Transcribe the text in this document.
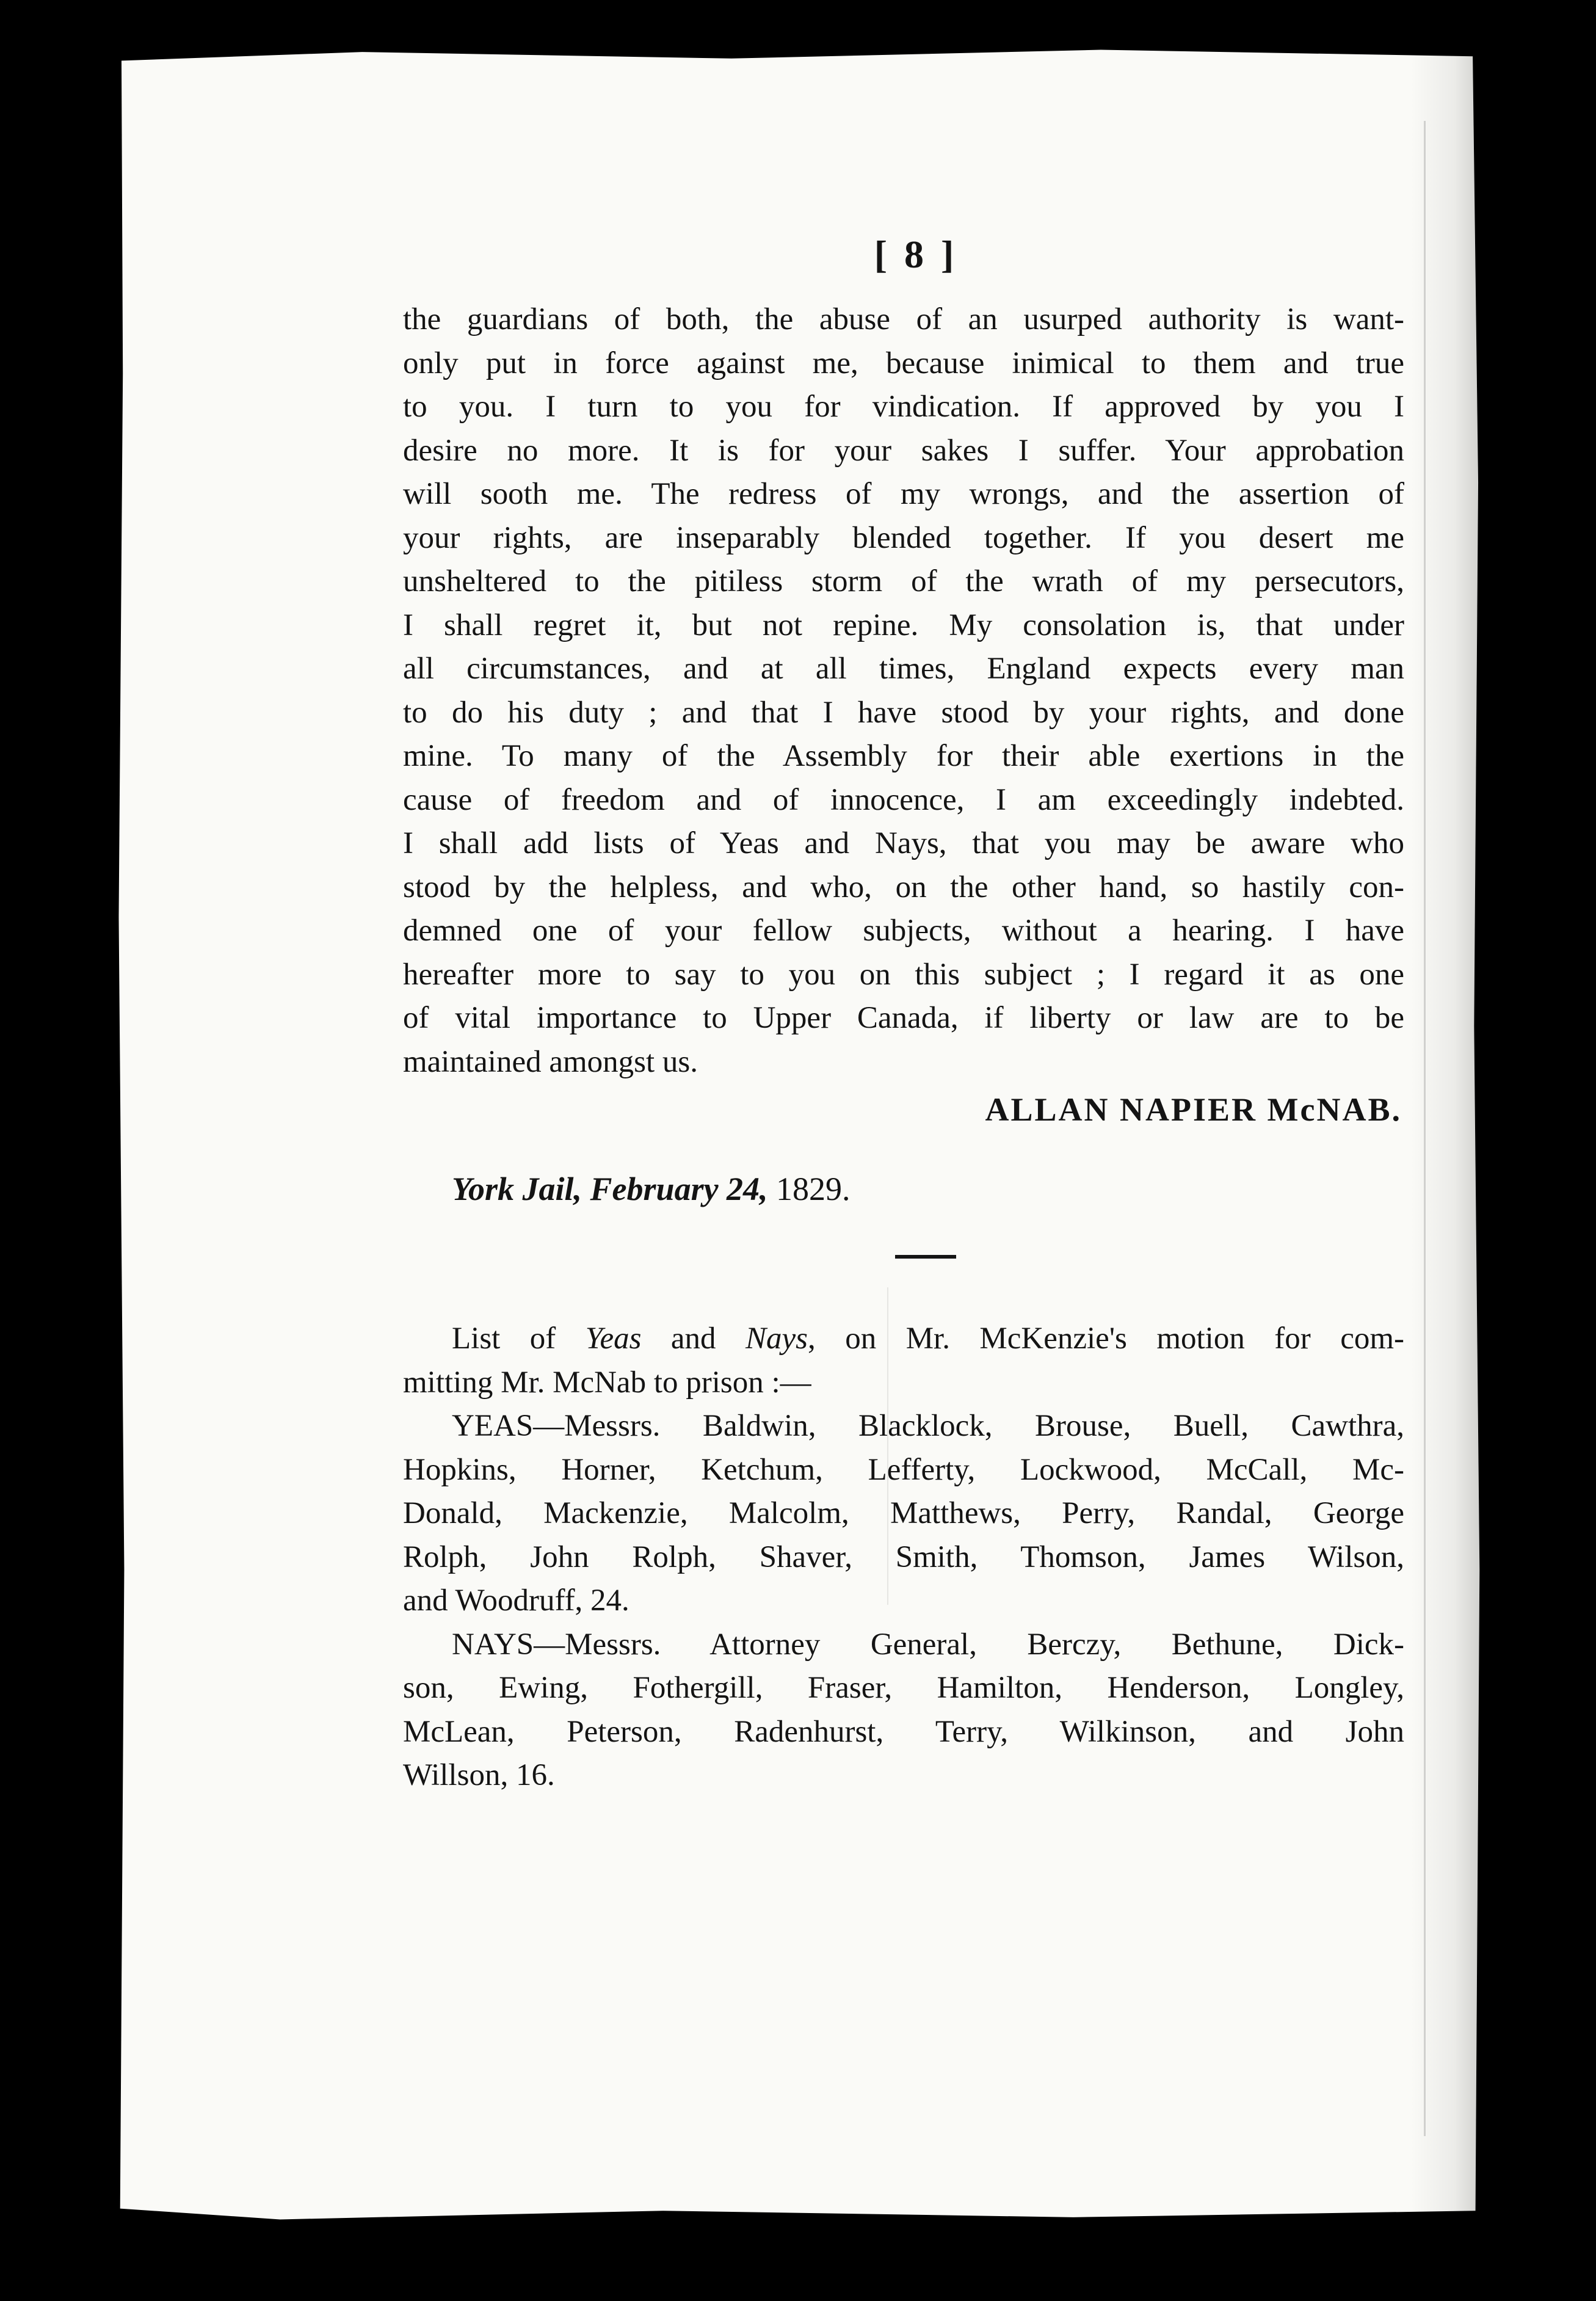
[ 8 ]
the guardians of both, the abuse of an usurped authority is want-
only put in force against me, because inimical to them and true
to you. I turn to you for vindication. If approved by you I
desire no more. It is for your sakes I suffer. Your approbation
will sooth me. The redress of my wrongs, and the assertion of
your rights, are inseparably blended together. If you desert me
unsheltered to the pitiless storm of the wrath of my persecutors,
I shall regret it, but not repine. My consolation is, that under
all circumstances, and at all times, England expects every man
to do his duty ; and that I have stood by your rights, and done
mine. To many of the Assembly for their able exertions in the
cause of freedom and of innocence, I am exceedingly indebted.
I shall add lists of Yeas and Nays, that you may be aware who
stood by the helpless, and who, on the other hand, so hastily con-
demned one of your fellow subjects, without a hearing. I have
hereafter more to say to you on this subject ; I regard it as one
of vital importance to Upper Canada, if liberty or law are to be
maintained amongst us.
ALLAN NAPIER McNAB.
York Jail, February 24, 1829.
List of Yeas and Nays, on Mr. McKenzie's motion for com-
mitting Mr. McNab to prison :—
YEAS—Messrs. Baldwin, Blacklock, Brouse, Buell, Cawthra,
Hopkins, Horner, Ketchum, Lefferty, Lockwood, McCall, Mc-
Donald, Mackenzie, Malcolm, Matthews, Perry, Randal, George
Rolph, John Rolph, Shaver, Smith, Thomson, James Wilson,
and Woodruff, 24.
NAYS—Messrs. Attorney General, Berczy, Bethune, Dick-
son, Ewing, Fothergill, Fraser, Hamilton, Henderson, Longley,
McLean, Peterson, Radenhurst, Terry, Wilkinson, and John
Willson, 16.
